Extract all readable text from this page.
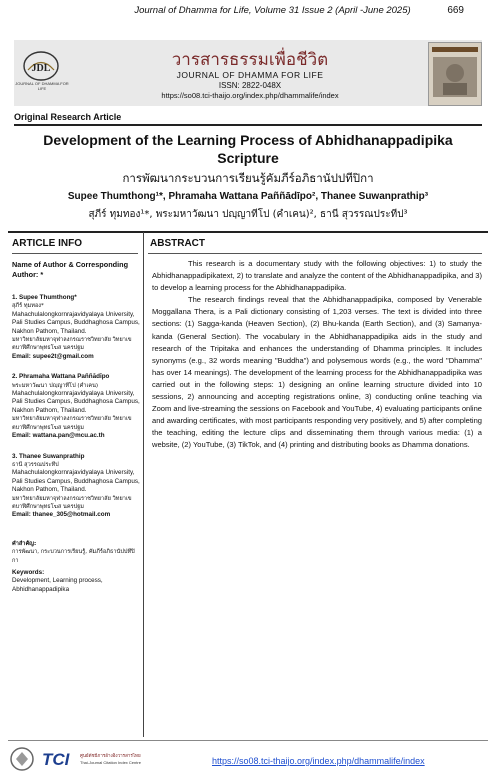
Journal of Dhamma for Life, Volume 31 Issue 2 (April -June 2025)	669
JDL
JOURNAL OF DHAMMA FOR LIFE
วารสารธรรมเพื่อชีวิต
JOURNAL OF DHAMMA FOR LIFE
ISSN: 2822-048X
https://so08.tci-thaijo.org/index.php/dhammalife/index
Original Research Article
Development of the Learning Process of Abhidhanappadipika Scripture
การพัฒนากระบวนการเรียนรู้คัมภีร์อภิธานัปปทีปิกา
Supee Thumthong¹*, Phramaha Wattana Paññādīpo², Thanee Suwanprathip³
สุภีร์ ทุมทอง¹*, พระมหาวัฒนา ปญฺญาทีโป (คำเคน)², ธานี สุวรรณประทีป³
ARTICLE INFO	ABSTRACT
Name of Author & Corresponding Author: *
1. Supee Thumthong*
สุภีร์ ทุมทอง*
Mahachulalongkornrajavidyalaya University, Pali Studies Campus, Buddhaghosa Campus, Nakhon Pathom, Thailand.
มหาวิทยาลัยมหาจุฬาลงกรณราชวิทยาลัย วิทยาเขตบาฬีศึกษาพุทธโฆส นครปฐม
Email: supee2t@gmail.com
2. Phramaha Wattana Paññādīpo
พระมหาวัฒนา ปญฺญาทีโป (คำเคน)
Mahachulalongkornrajavidyalaya University, Pali Studies Campus, Buddhaghosa Campus, Nakhon Pathom, Thailand.
มหาวิทยาลัยมหาจุฬาลงกรณราชวิทยาลัย วิทยาเขตบาฬีศึกษาพุทธโฆส นครปฐม
Email: wattana.pan@mcu.ac.th
3. Thanee Suwanprathip
ธานี สุวรรณประทีป
Mahachulalongkornrajavidyalaya University, Pali Studies Campus, Buddhaghosa Campus, Nakhon Pathom, Thailand.
มหาวิทยาลัยมหาจุฬาลงกรณราชวิทยาลัย วิทยาเขตบาฬีศึกษาพุทธโฆส นครปฐม
Email: thanee_305@hotmail.com
คำสำคัญ:
การพัฒนา, กระบวนการเรียนรู้, คัมภีร์อภิธานัปปทีปิกา
Keywords:
Development, Learning process, Abhidhanappadipika

This research is a documentary study with the following objectives: 1) to study the Abhidhanappadipikatext, 2) to translate and analyze the content of the Abhidhanappadipika, and 3) to develop a learning process for the Abhidhanappadipika.

The research findings reveal that the Abhidhanappadipika, composed by Venerable Moggallana Thera, is a Pali dictionary consisting of 1,203 verses. The text is divided into three sections: (1) Sagga-kanda (Heaven Section), (2) Bhu-kanda (Earth Section), and (3) Samanya-kanda (General Section). The vocabulary in the Abhidhanappadipika aids in the study and research of the Tripitaka and enhances the understanding of Dhamma principles. It includes synonyms (e.g., 32 words meaning "Buddha") and polysemous words (e.g., the word "Dhamma" has over 14 meanings). The development of the learning process for the Abhidhanappadipika was carried out in the following steps: 1) designing an online learning structure divided into 10 sessions, 2) announcing and accepting registrations online, 3) conducting online teaching via Zoom and live-streaming the sessions on Facebook and YouTube, 4) evaluating participants online and awarding certificates, with most participants responding very positively, and 5) after completing the teaching, editing the lecture clips and disseminating them through various media: (1) a website, (2) YouTube, (3) TikTok, and (4) printing and distributing books as Dhamma donations.

TCI ศูนย์ดัชนีการอ้างอิงวารสารไทย
Thai-Journal Citation Index Centre	https://so08.tci-thaijo.org/index.php/dhammalife/index
